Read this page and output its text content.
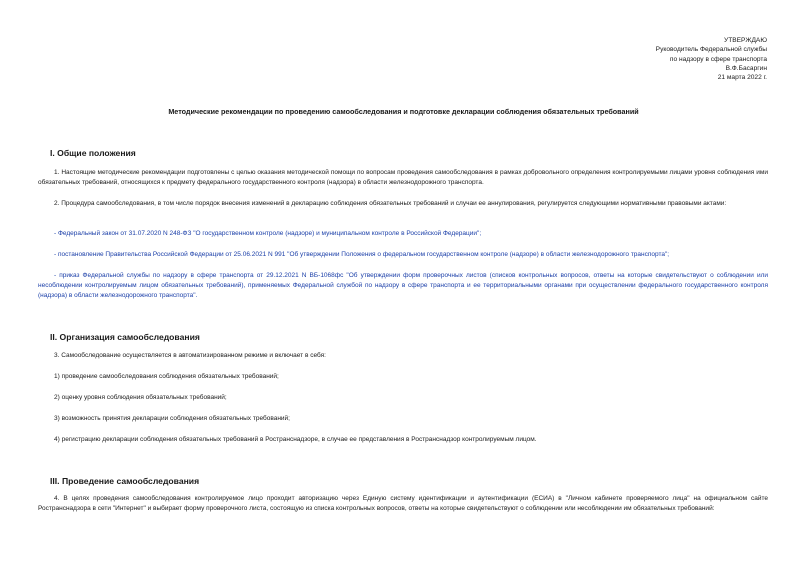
УТВЕРЖДАЮ
Руководитель Федеральной службы
по надзору в сфере транспорта
В.Ф.Басаргин
21 марта 2022 г.
Методические рекомендации по проведению самообследования и подготовке декларации соблюдения обязательных требований
I. Общие положения
1. Настоящие методические рекомендации подготовлены с целью оказания методической помощи по вопросам проведения самообследования в рамках добровольного определения контролируемыми лицами уровня соблюдения ими обязательных требований, относящихся к предмету федерального государственного контроля (надзора) в области железнодорожного транспорта.
2. Процедура самообследования, в том числе порядок внесения изменений в декларацию соблюдения обязательных требований и случаи ее аннулирования, регулируется следующими нормативными правовыми актами:
- Федеральный закон от 31.07.2020 N 248-ФЗ "О государственном контроле (надзоре) и муниципальном контроле в Российской Федерации";
- постановление Правительства Российской Федерации от 25.06.2021 N 991 "Об утверждении Положения о федеральном государственном контроле (надзоре) в области железнодорожного транспорта";
- приказ Федеральной службы по надзору в сфере транспорта от 29.12.2021 N ВБ-1068фс "Об утверждении форм проверочных листов (списков контрольных вопросов, ответы на которые свидетельствуют о соблюдении или несоблюдении контролируемым лицом обязательных требований), применяемых Федеральной службой по надзору в сфере транспорта и ее территориальными органами при осуществлении федерального государственного контроля (надзора) в области железнодорожного транспорта".
II. Организация самообследования
3. Самообследование осуществляется в автоматизированном режиме и включает в себя:
1) проведение самообследования соблюдения обязательных требований;
2) оценку уровня соблюдения обязательных требований;
3) возможность принятия декларации соблюдения обязательных требований;
4) регистрацию декларации соблюдения обязательных требований в Ространснадзоре, в случае ее представления в Ространснадзор контролируемым лицом.
III. Проведение самообследования
4. В целях проведения самообследования контролируемое лицо проходит авторизацию через Единую систему идентификации и аутентификации (ЕСИА) в "Личном кабинете проверяемого лица" на официальном сайте Ространснадзора в сети "Интернет" и выбирает форму проверочного листа, состоящую из списка контрольных вопросов, ответы на которые свидетельствуют о соблюдении или несоблюдении им обязательных требований:
